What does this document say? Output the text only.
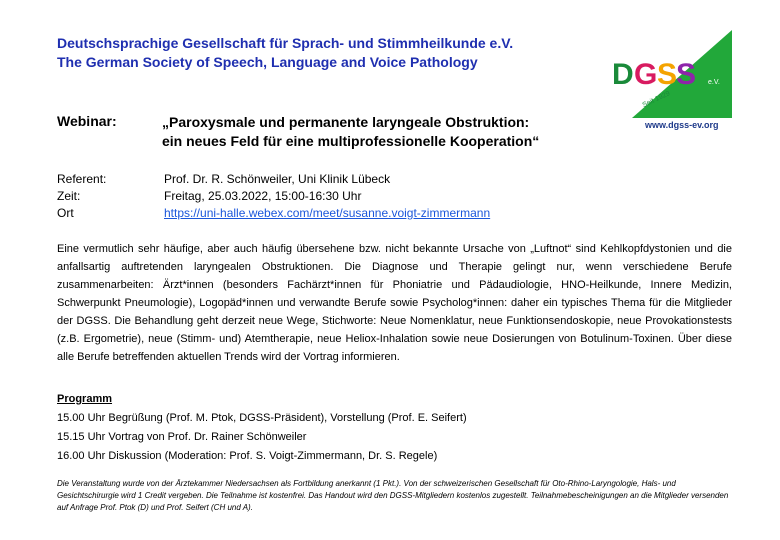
Deutschsprachige Gesellschaft für Sprach- und Stimmheilkunde e.V.
The German Society of Speech, Language and Voice Pathology	D G S
S e.V.
Seit 1929
www.dgss-ev.org
Webinar:	„Paroxysmale und permanente laryngeale Obstruktion:
ein neues Feld für eine multiprofessionelle Kooperation“
Referent:	Prof. Dr. R. Schönweiler, Uni Klinik Lübeck
Zeit:	Freitag, 25.03.2022, 15:00-16:30 Uhr
Ort	https://uni-halle.webex.com/meet/susanne.voigt-zimmermann
Eine vermutlich sehr häufige, aber auch häufig übersehene bzw. nicht bekannte Ursache von „Luftnot“ sind Kehlkopfdystonien und die anfallsartig auftretenden laryngealen Obstruktionen. Die Diagnose und Therapie gelingt nur, wenn verschiedene Berufe zusammenarbeiten: Ärzt*innen (besonders Fachärzt*innen für Phoniatrie und Pädaudiologie, HNO-Heilkunde, Innere Medizin, Schwerpunkt Pneumologie), Logopäd*innen und verwandte Berufe sowie Psycholog*innen: daher ein typisches Thema für die Mitglieder der DGSS. Die Behandlung geht derzeit neue Wege, Stichworte: Neue Nomenklatur, neue Funktionsendoskopie, neue Provokationstests (z.B. Ergometrie), neue (Stimm- und) Atemtherapie, neue Heliox-Inhalation sowie neue Dosierungen von Botulinum-Toxinen. Über diese alle Berufe betreffenden aktuellen Trends wird der Vortrag informieren.
Programm
15.00 Uhr Begrüßung (Prof. M. Ptok, DGSS-Präsident), Vorstellung (Prof. E. Seifert)
15.15 Uhr Vortrag von Prof. Dr. Rainer Schönweiler
16.00 Uhr Diskussion (Moderation: Prof. S. Voigt-Zimmermann, Dr. S. Regele)
Die Veranstaltung wurde von der Ärztekammer Niedersachsen als Fortbildung anerkannt (1 Pkt.). Von der schweizerischen Gesellschaft für Oto-Rhino-Laryngologie, Hals- und Gesichtschirurgie wird 1 Credit vergeben. Die Teilnahme ist kostenfrei. Das Handout wird den DGSS-Mitgliedern kostenlos zugestellt. Teilnahmebescheinigungen an die Mitglieder versenden auf Anfrage Prof. Ptok (D) und Prof. Seifert (CH und A).
